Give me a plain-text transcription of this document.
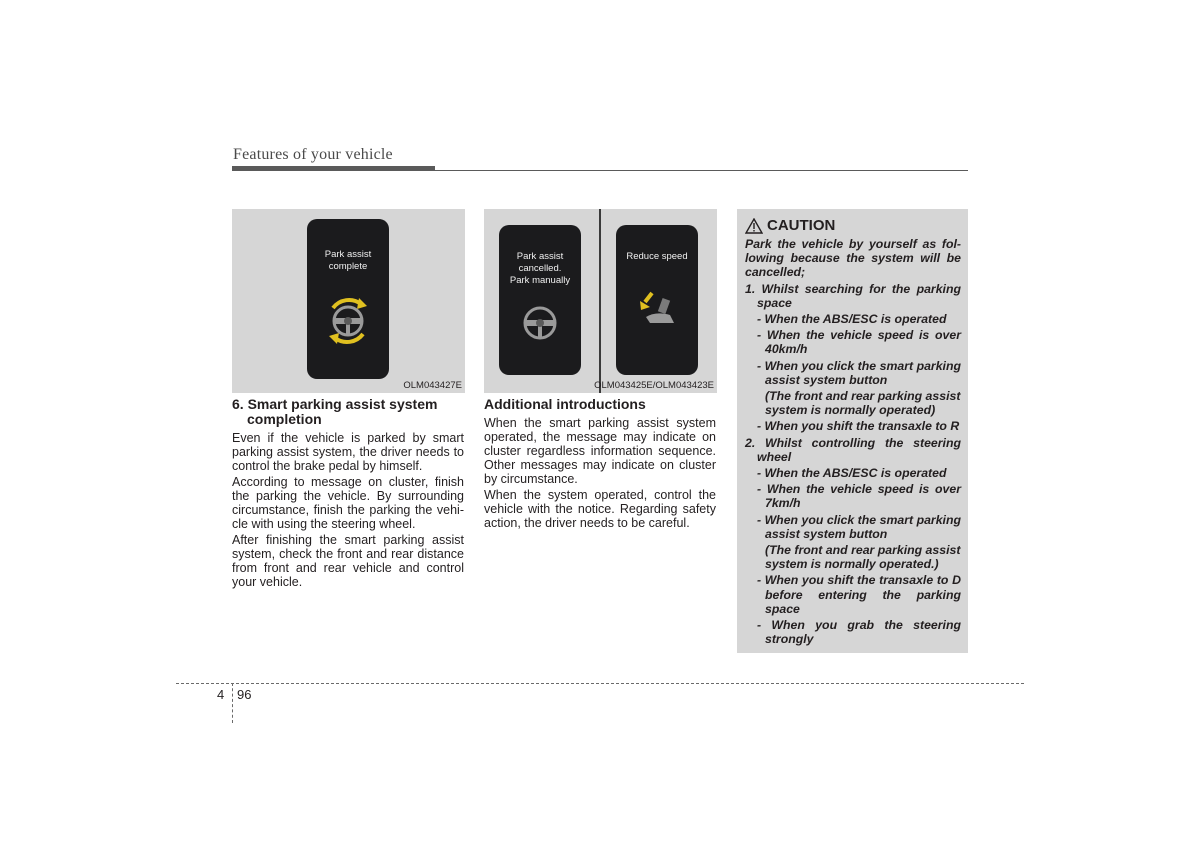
Features of your vehicle
Park assist
complete
OLM043427E
Park assist
cancelled.
Park manually
Reduce speed
OLM043425E/OLM043423E
6. Smart parking assist system completion

Even if the vehicle is parked by smart parking assist system, the driver needs to control the brake pedal by himself.

According to message on cluster, finish the parking the vehicle. By surrounding circumstance, finish the parking the vehi-cle with using the steering wheel.

After finishing the smart parking assist system, check the front and rear distance from front and rear vehicle and control your vehicle.

Additional introductions

When the smart parking assist system operated, the message may indicate on cluster regardless information sequence. Other messages may indicate on cluster by circumstance.

When the system operated, control the vehicle with the notice. Regarding safety action, the driver needs to be careful.

CAUTION
Park the vehicle by yourself as fol-lowing because the system will be cancelled;
1. Whilst searching for the parking space
- When the ABS/ESC is operated
- When the vehicle speed is over 40km/h
- When you click the smart parking assist system button
(The front and rear parking assist system is normally operated)
- When you shift the transaxle to R
2. Whilst controlling the steering wheel
- When the ABS/ESC is operated
- When the vehicle speed is over 7km/h
- When you click the smart parking assist system button
(The front and rear parking assist system is normally operated.)
- When you shift the transaxle to D before entering the parking space
- When you grab the steering strongly
4 96
